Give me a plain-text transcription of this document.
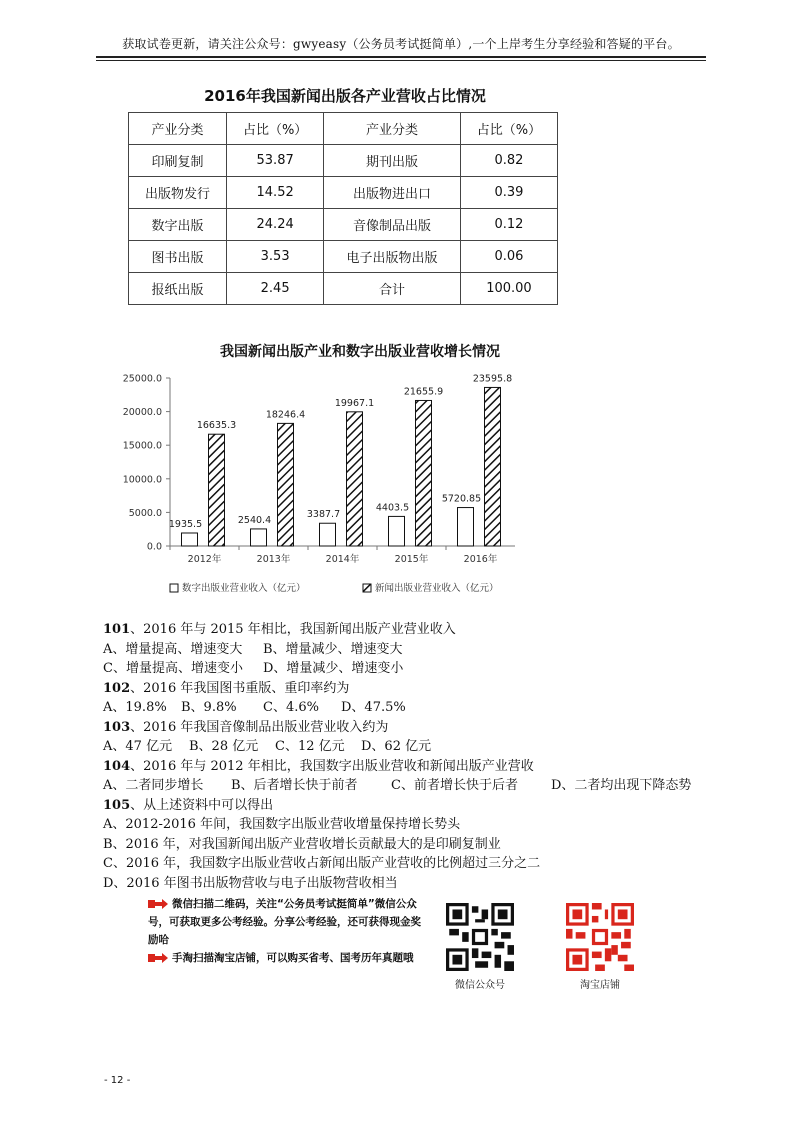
获取试卷更新，请关注公众号：gwyeasy（公务员考试挺简单）,一个上岸考生分享经验和答疑的平台。
2016年我国新闻出版各产业营收占比情况
产业分类	占比（%）	产业分类	占比（%）
印刷复制	53.87	期刊出版	0.82
出版物发行	14.52	出版物进出口	0.39
数字出版	24.24	音像制品出版	0.12
图书出版	3.53	电子出版物出版	0.06
报纸出版	2.45	合计	100.00
我国新闻出版产业和数字出版业营收增长情况
0.0
5000.0
10000.0
15000.0
20000.0
25000.0
2012年
1935.5
16635.3
2013年
2540.4
18246.4
2014年
3387.7
19967.1
2015年
4403.5
21655.9
2016年
5720.85
23595.8
数字出版业营业收入（亿元）	新闻出版业营业收入（亿元）
101、2016 年与 2015 年相比，我国新闻出版产业营业收入
A、增量提高、增速变大 B、增量减少、增速变大
C、增量提高、增速变小 D、增量减少、增速变小
102、2016 年我国图书重版、重印率约为
A、19.8% B、9.8% C、4.6% D、47.5%
103、2016 年我国音像制品出版业营业收入约为
A、47 亿元 B、28 亿元 C、12 亿元 D、62 亿元
104、2016 年与 2012 年相比，我国数字出版业营收和新闻出版产业营收
A、二者同步增长 B、后者增长快于前者	C、前者增长快于后者	D、二者均出现下降态势
105、从上述资料中可以得出
A、2012-2016 年间，我国数字出版业营收增量保持增长势头
B、2016 年，对我国新闻出版产业营收增长贡献最大的是印刷复制业
C、2016 年，我国数字出版业营收占新闻出版产业营收的比例超过三分之二
D、2016 年图书出版物营收与电子出版物营收相当
微信扫描二维码，关注“公务员考试挺简单”微信公众号，可获取更多公考经验。分享公考经验，还可获得现金奖励哈
手淘扫描淘宝店铺，可以购买省考、国考历年真题哦
微信公众号	淘宝店铺
- 12 -
